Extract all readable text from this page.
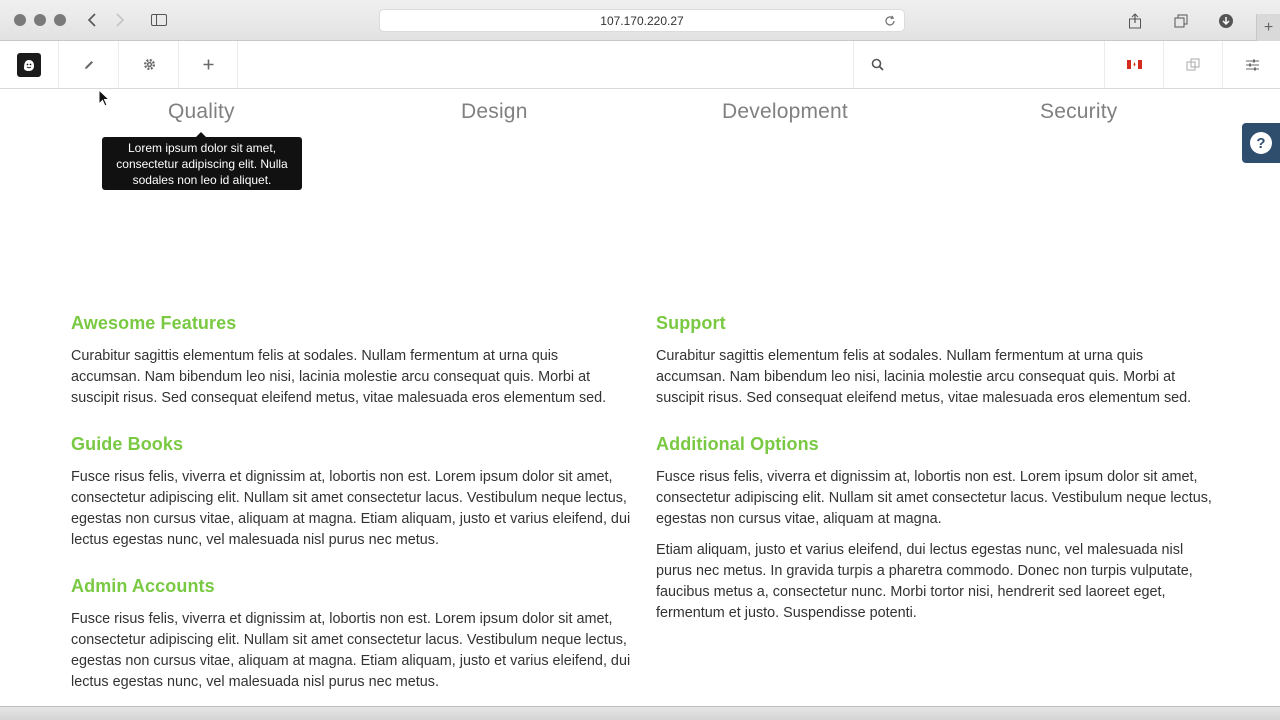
107.170.220.27	+
Quality	Design	Development	Security
Lorem ipsum dolor sit amet, consectetur adipiscing elit. Nulla sodales non leo id aliquet.
?
Awesome Features

Curabitur sagittis elementum felis at sodales. Nullam fermentum at urna quis accumsan. Nam bibendum leo nisi, lacinia molestie arcu consequat quis. Morbi at suscipit risus. Sed consequat eleifend metus, vitae malesuada eros elementum sed.

Guide Books

Fusce risus felis, viverra et dignissim at, lobortis non est. Lorem ipsum dolor sit amet, consectetur adipiscing elit. Nullam sit amet consectetur lacus. Vestibulum neque lectus, egestas non cursus vitae, aliquam at magna. Etiam aliquam, justo et varius eleifend, dui lectus egestas nunc, vel malesuada nisl purus nec metus.

Admin Accounts

Fusce risus felis, viverra et dignissim at, lobortis non est. Lorem ipsum dolor sit amet, consectetur adipiscing elit. Nullam sit amet consectetur lacus. Vestibulum neque lectus, egestas non cursus vitae, aliquam at magna. Etiam aliquam, justo et varius eleifend, dui lectus egestas nunc, vel malesuada nisl purus nec metus.

Support

Curabitur sagittis elementum felis at sodales. Nullam fermentum at urna quis accumsan. Nam bibendum leo nisi, lacinia molestie arcu consequat quis. Morbi at suscipit risus. Sed consequat eleifend metus, vitae malesuada eros elementum sed.

Additional Options

Fusce risus felis, viverra et dignissim at, lobortis non est. Lorem ipsum dolor sit amet, consectetur adipiscing elit. Nullam sit amet consectetur lacus. Vestibulum neque lectus, egestas non cursus vitae, aliquam at magna.

Etiam aliquam, justo et varius eleifend, dui lectus egestas nunc, vel malesuada nisl purus nec metus. In gravida turpis a pharetra commodo. Donec non turpis vulputate, faucibus metus a, consectetur nunc. Morbi tortor nisi, hendrerit sed laoreet eget, fermentum et justo. Suspendisse potenti.
